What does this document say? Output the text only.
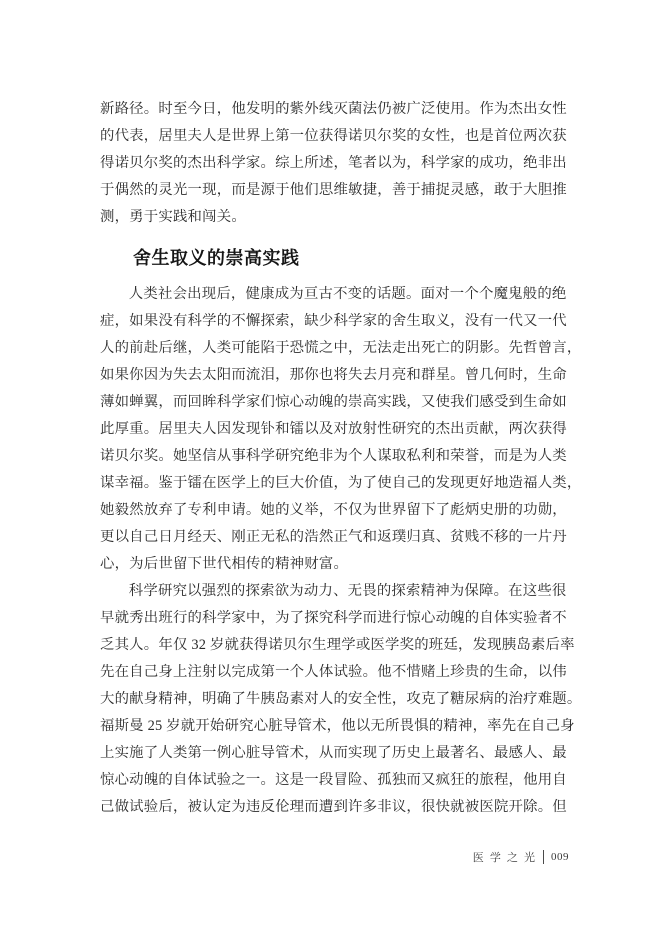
新路径。时至今日，他发明的紫外线灭菌法仍被广泛使用。作为杰出女性
的代表，居里夫人是世界上第一位获得诺贝尔奖的女性，也是首位两次获
得诺贝尔奖的杰出科学家。综上所述，笔者以为，科学家的成功，绝非出
于偶然的灵光一现，而是源于他们思维敏捷，善于捕捉灵感，敢于大胆推
测，勇于实践和闯关。
舍生取义的崇高实践
人类社会出现后，健康成为亘古不变的话题。面对一个个魔鬼般的绝
症，如果没有科学的不懈探索，缺少科学家的舍生取义，没有一代又一代
人的前赴后继，人类可能陷于恐慌之中，无法走出死亡的阴影。先哲曾言，
如果你因为失去太阳而流泪，那你也将失去月亮和群星。曾几何时，生命
薄如蝉翼，而回眸科学家们惊心动魄的崇高实践，又使我们感受到生命如
此厚重。居里夫人因发现钋和镭以及对放射性研究的杰出贡献，两次获得
诺贝尔奖。她坚信从事科学研究绝非为个人谋取私利和荣誉，而是为人类
谋幸福。鉴于镭在医学上的巨大价值，为了使自己的发现更好地造福人类，
她毅然放弃了专利申请。她的义举，不仅为世界留下了彪炳史册的功勋，
更以自己日月经天、刚正无私的浩然正气和返璞归真、贫贱不移的一片丹
心，为后世留下世代相传的精神财富。
科学研究以强烈的探索欲为动力、无畏的探索精神为保障。在这些很
早就秀出班行的科学家中，为了探究科学而进行惊心动魄的自体实验者不
乏其人。年仅 32 岁就获得诺贝尔生理学或医学奖的班廷，发现胰岛素后率
先在自己身上注射以完成第一个人体试验。他不惜赌上珍贵的生命，以伟
大的献身精神，明确了牛胰岛素对人的安全性，攻克了糖尿病的治疗难题。
福斯曼 25 岁就开始研究心脏导管术，他以无所畏惧的精神，率先在自己身
上实施了人类第一例心脏导管术，从而实现了历史上最著名、最感人、最
惊心动魄的自体试验之一。这是一段冒险、孤独而又疯狂的旅程，他用自
己做试验后，被认定为违反伦理而遭到许多非议，很快就被医院开除。但
医学之光 009
